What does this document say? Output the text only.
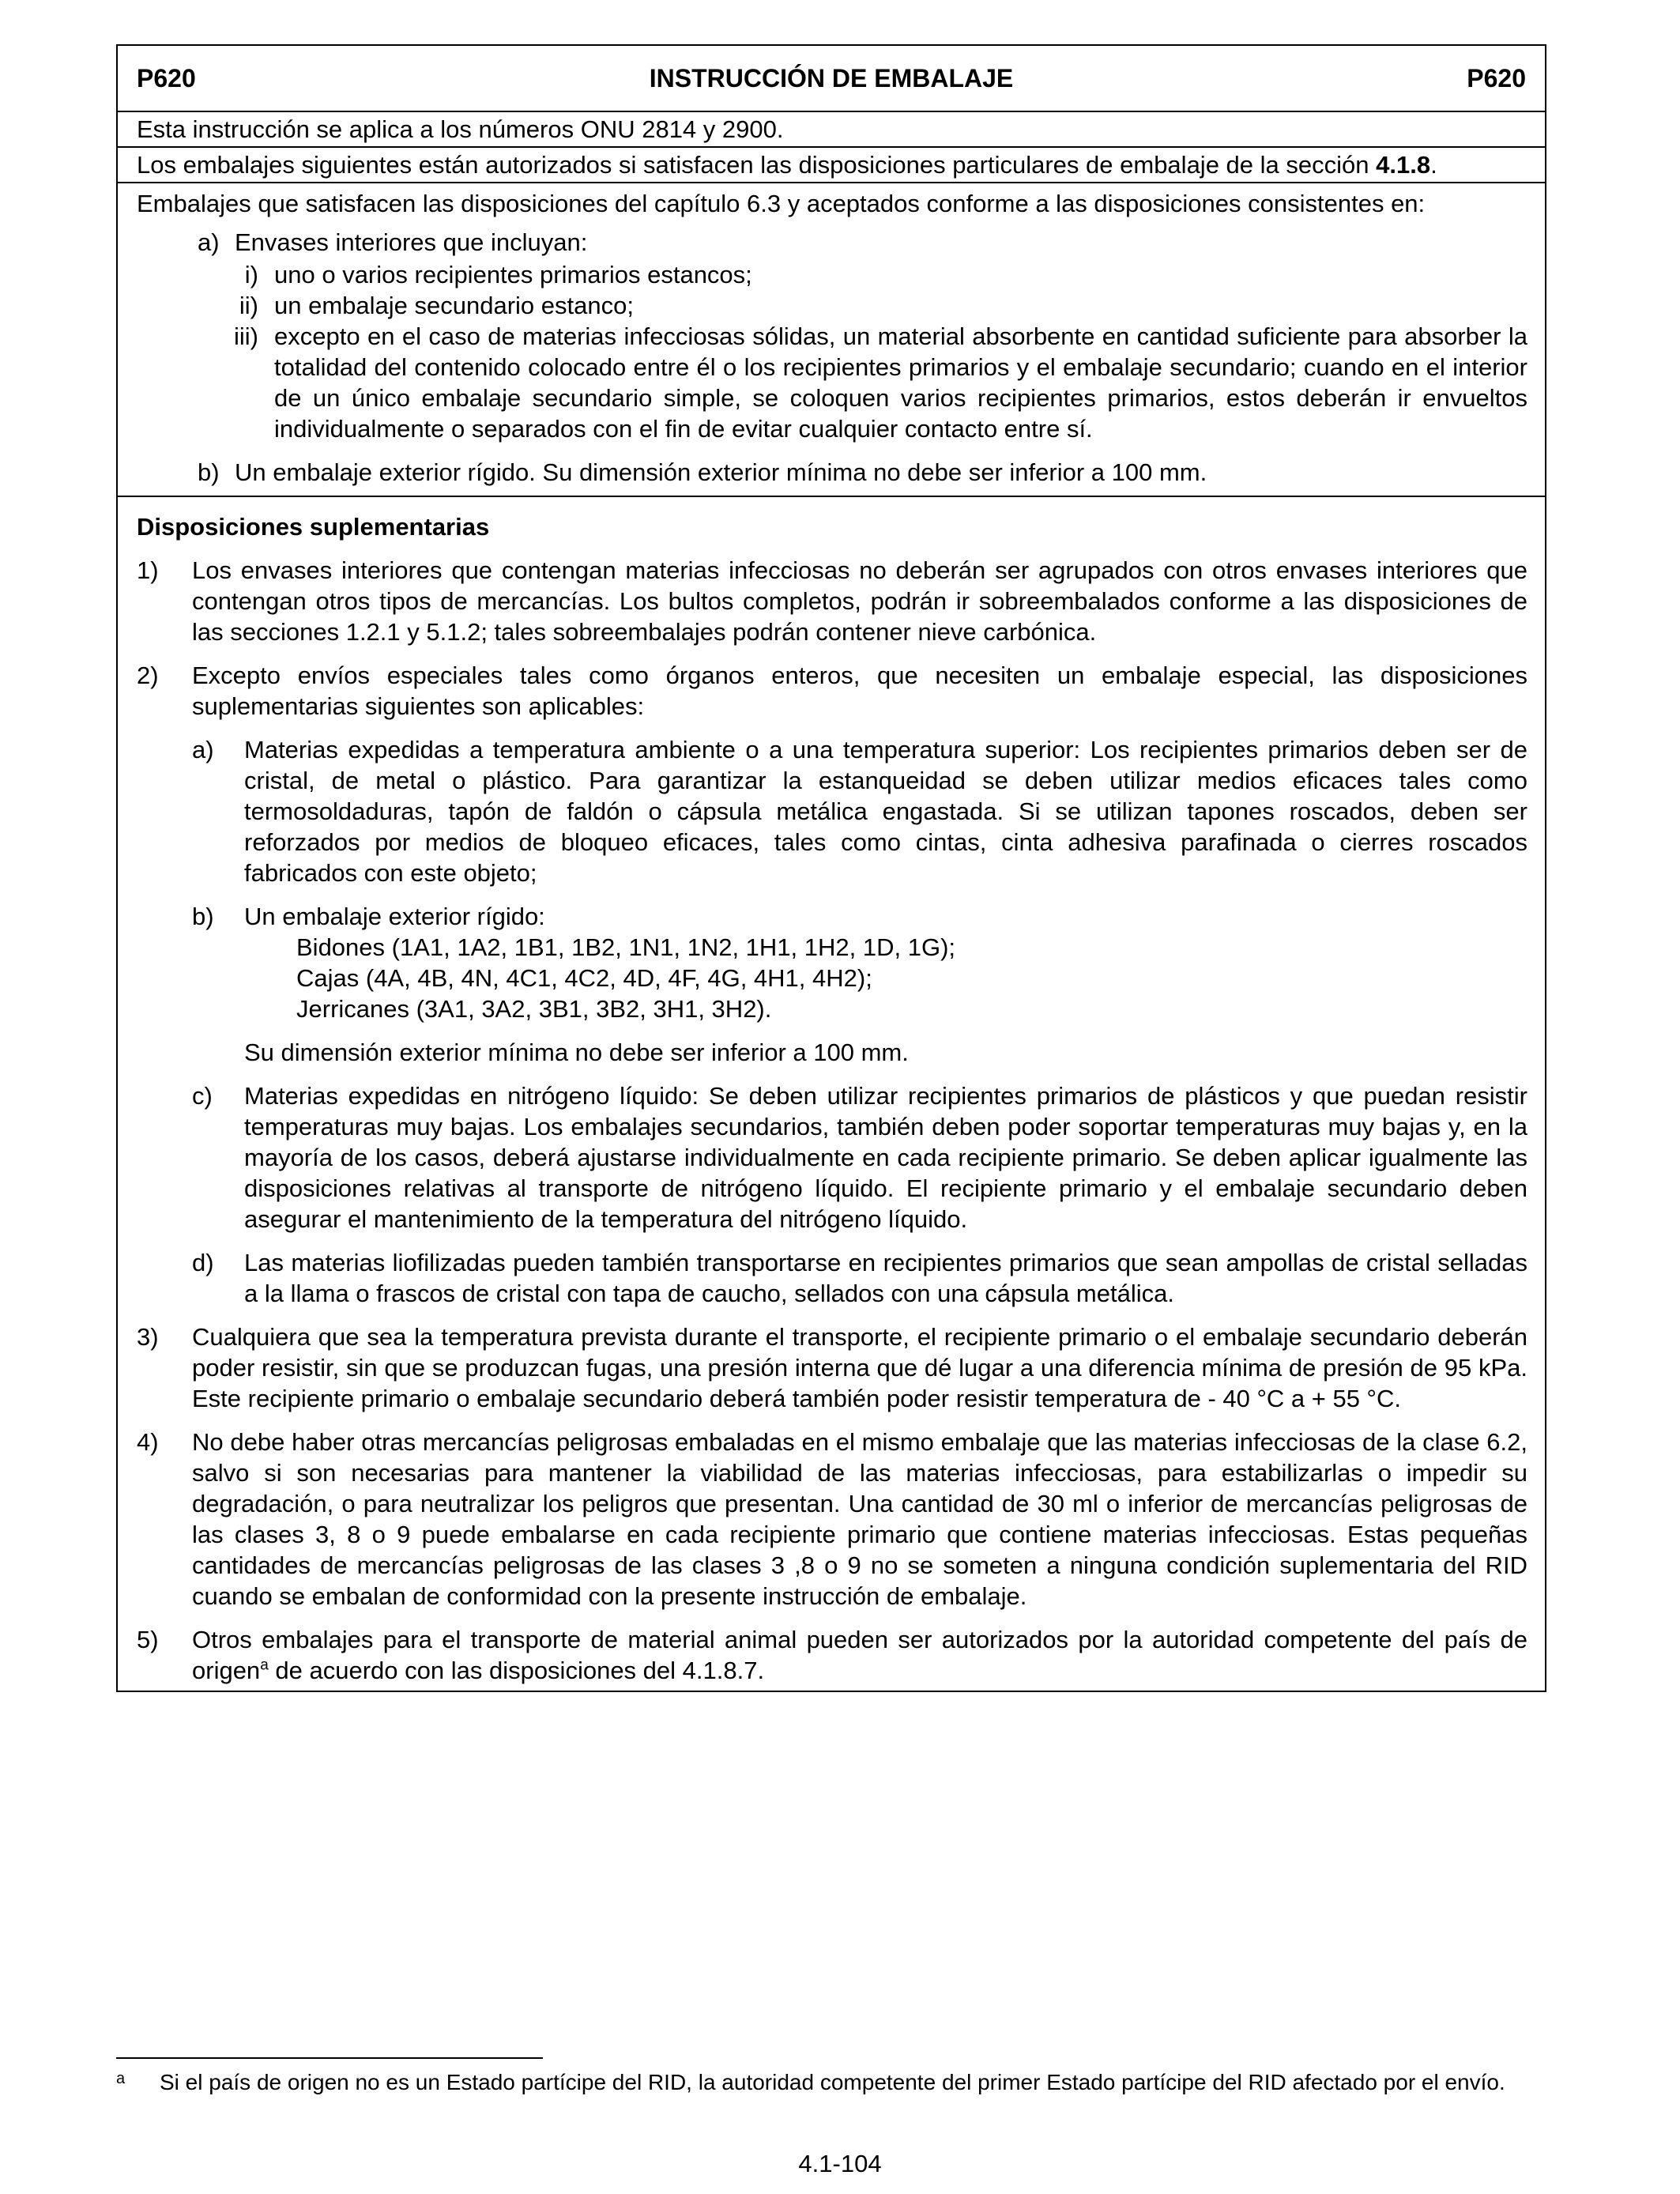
P620	INSTRUCCIÓN DE EMBALAJE	P620

Esta instrucción se aplica a los números ONU 2814 y 2900.

Los embalajes siguientes están autorizados si satisfacen las disposiciones particulares de embalaje de la sección 4.1.8.

Embalajes que satisfacen las disposiciones del capítulo 6.3 y aceptados conforme a las disposiciones consistentes en:

a) Envases interiores que incluyan:
i) uno o varios recipientes primarios estancos;
ii) un embalaje secundario estanco;
iii) excepto en el caso de materias infecciosas sólidas, un material absorbente en cantidad suficiente para absorber la totalidad del contenido colocado entre él o los recipientes primarios y el embalaje secundario; cuando en el interior de un único embalaje secundario simple, se coloquen varios recipientes primarios, estos deberán ir envueltos individualmente o separados con el fin de evitar cualquier contacto entre sí.
b) Un embalaje exterior rígido. Su dimensión exterior mínima no debe ser inferior a 100 mm.

Disposiciones suplementarias

1)	Los envases interiores que contengan materias infecciosas no deberán ser agrupados con otros envases interiores que contengan otros tipos de mercancías. Los bultos completos, podrán ir sobreembalados conforme a las disposiciones de las secciones 1.2.1 y 5.1.2; tales sobreembalajes podrán contener nieve carbónica.
2)	Excepto envíos especiales tales como órganos enteros, que necesiten un embalaje especial, las disposiciones suplementarias siguientes son aplicables:
a)	Materias expedidas a temperatura ambiente o a una temperatura superior: Los recipientes primarios deben ser de cristal, de metal o plástico. Para garantizar la estanqueidad se deben utilizar medios eficaces tales como termosoldaduras, tapón de faldón o cápsula metálica engastada. Si se utilizan tapones roscados, deben ser reforzados por medios de bloqueo eficaces, tales como cintas, cinta adhesiva parafinada o cierres roscados fabricados con este objeto;
b)	Un embalaje exterior rígido:

Bidones (1A1, 1A2, 1B1, 1B2, 1N1, 1N2, 1H1, 1H2, 1D, 1G);

Cajas (4A, 4B, 4N, 4C1, 4C2, 4D, 4F, 4G, 4H1, 4H2);

Jerricanes (3A1, 3A2, 3B1, 3B2, 3H1, 3H2).

Su dimensión exterior mínima no debe ser inferior a 100 mm.

c)	Materias expedidas en nitrógeno líquido: Se deben utilizar recipientes primarios de plásticos y que puedan resistir temperaturas muy bajas. Los embalajes secundarios, también deben poder soportar temperaturas muy bajas y, en la mayoría de los casos, deberá ajustarse individualmente en cada recipiente primario. Se deben aplicar igualmente las disposiciones relativas al transporte de nitrógeno líquido. El recipiente primario y el embalaje secundario deben asegurar el mantenimiento de la temperatura del nitrógeno líquido.
d)	Las materias liofilizadas pueden también transportarse en recipientes primarios que sean ampollas de cristal selladas a la llama o frascos de cristal con tapa de caucho, sellados con una cápsula metálica.
3)	Cualquiera que sea la temperatura prevista durante el transporte, el recipiente primario o el embalaje secundario deberán poder resistir, sin que se produzcan fugas, una presión interna que dé lugar a una diferencia mínima de presión de 95 kPa. Este recipiente primario o embalaje secundario deberá también poder resistir temperatura de - 40 °C a + 55 °C.
4)	No debe haber otras mercancías peligrosas embaladas en el mismo embalaje que las materias infecciosas de la clase 6.2, salvo si son necesarias para mantener la viabilidad de las materias infecciosas, para estabilizarlas o impedir su degradación, o para neutralizar los peligros que presentan. Una cantidad de 30 ml o inferior de mercancías peligrosas de las clases 3, 8 o 9 puede embalarse en cada recipiente primario que contiene materias infecciosas. Estas pequeñas cantidades de mercancías peligrosas de las clases 3 ,8 o 9 no se someten a ninguna condición suplementaria del RID cuando se embalan de conformidad con la presente instrucción de embalaje.
5)	Otros embalajes para el transporte de material animal pueden ser autorizados por la autoridad competente del país de origen$^a$ de acuerdo con las disposiciones del 4.1.8.7.
a	Si el país de origen no es un Estado partícipe del RID, la autoridad competente del primer Estado partícipe del RID afectado por el envío.
4.1-104
